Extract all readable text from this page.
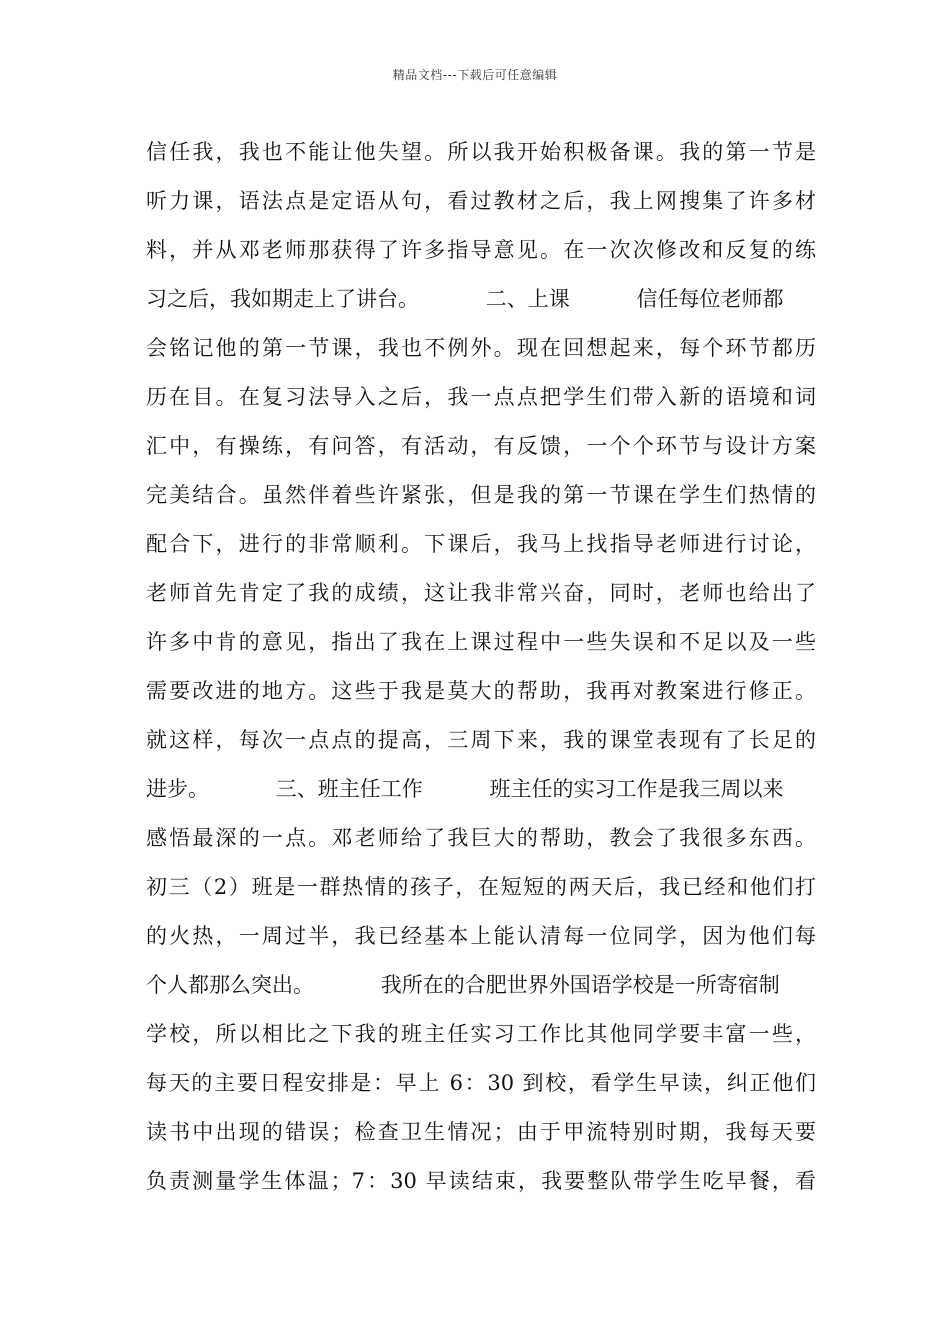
精品文档---下载后可任意编辑
信任我，我也不能让他失望。所以我开始积极备课。我的第一节是
听力课，语法点是定语从句，看过教材之后，我上网搜集了许多材
料，并从邓老师那获得了许多指导意见。在一次次修改和反复的练
习之后，我如期走上了讲台。          二、上课          信任每位老师都
会铭记他的第一节课，我也不例外。现在回想起来，每个环节都历
历在目。在复习法导入之后，我一点点把学生们带入新的语境和词
汇中，有操练，有问答，有活动，有反馈，一个个环节与设计方案
完美结合。虽然伴着些许紧张，但是我的第一节课在学生们热情的
配合下，进行的非常顺利。下课后，我马上找指导老师进行讨论，
老师首先肯定了我的成绩，这让我非常兴奋，同时，老师也给出了
许多中肯的意见，指出了我在上课过程中一些失误和不足以及一些
需要改进的地方。这些于我是莫大的帮助，我再对教案进行修正。
就这样，每次一点点的提高，三周下来，我的课堂表现有了长足的
进步。          三、班主任工作          班主任的实习工作是我三周以来
感悟最深的一点。邓老师给了我巨大的帮助，教会了我很多东西。
初三（2）班是一群热情的孩子，在短短的两天后，我已经和他们打
的火热，一周过半，我已经基本上能认清每一位同学，因为他们每
个人都那么突出。          我所在的合肥世界外国语学校是一所寄宿制
学校，所以相比之下我的班主任实习工作比其他同学要丰富一些，
每天的主要日程安排是：早上 6：30 到校，看学生早读，纠正他们
读书中出现的错误；检查卫生情况；由于甲流特别时期，我每天要
负责测量学生体温；7：30 早读结束，我要整队带学生吃早餐，看
